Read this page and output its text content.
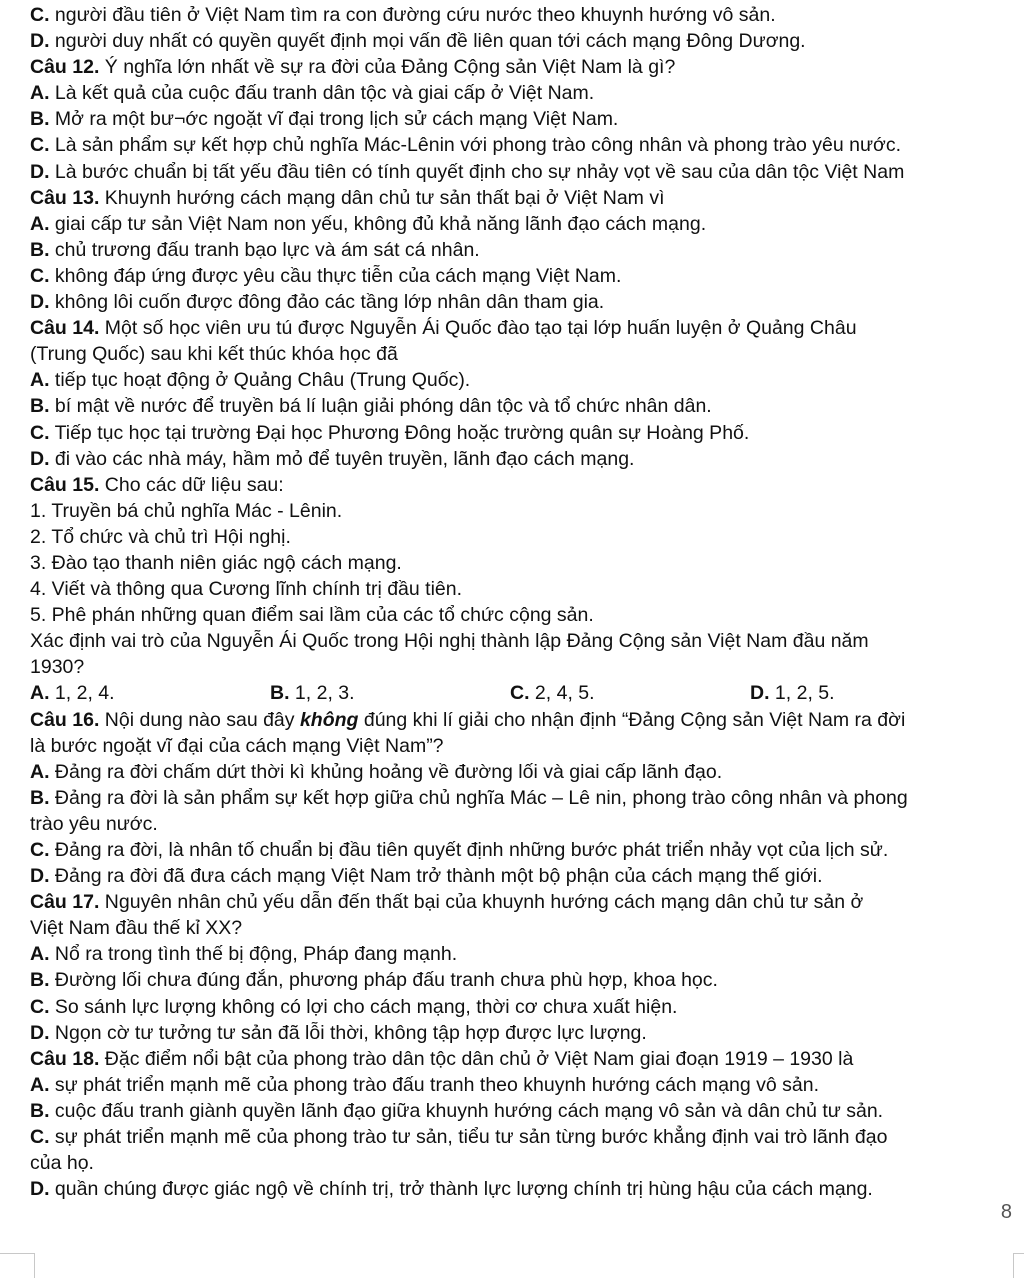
C. người đầu tiên ở Việt Nam tìm ra con đường cứu nước theo khuynh hướng vô sản.
D. người duy nhất có quyền quyết định mọi vấn đề liên quan tới cách mạng Đông Dương.
Câu 12. Ý nghĩa lớn nhất về sự ra đời của Đảng Cộng sản Việt Nam là gì?
A. Là kết quả của cuộc đấu tranh dân tộc và giai cấp ở Việt Nam.
B. Mở ra một bư¬ớc ngoặt vĩ đại trong lịch sử cách mạng Việt Nam.
C. Là sản phẩm sự kết hợp chủ nghĩa Mác-Lênin với phong trào công nhân và phong trào yêu nước.
D. Là bước chuẩn bị tất yếu đầu tiên có tính quyết định cho sự nhảy vọt về sau của dân tộc Việt Nam
Câu 13. Khuynh hướng cách mạng dân chủ tư sản thất bại ở Việt Nam vì
A. giai cấp tư sản Việt Nam non yếu, không đủ khả năng lãnh đạo cách mạng.
B. chủ trương đấu tranh bạo lực và ám sát cá nhân.
C. không đáp ứng được yêu cầu thực tiễn của cách mạng Việt Nam.
D. không lôi cuốn được đông đảo các tầng lớp nhân dân tham gia.
Câu 14. Một số học viên ưu tú được Nguyễn Ái Quốc đào tạo tại lớp huấn luyện ở Quảng Châu
(Trung Quốc) sau khi kết thúc khóa học đã
A. tiếp tục hoạt động ở Quảng Châu (Trung Quốc).
B. bí mật về nước để truyền bá lí luận giải phóng dân tộc và tổ chức nhân dân.
C. Tiếp tục học tại trường Đại học Phương Đông hoặc trường quân sự Hoàng Phố.
D. đi vào các nhà máy, hầm mỏ để tuyên truyền, lãnh đạo cách mạng.
Câu 15. Cho các dữ liệu sau:
1. Truyền bá chủ nghĩa Mác - Lênin.
2. Tổ chức và chủ trì Hội nghị.
3. Đào tạo thanh niên giác ngộ cách mạng.
4. Viết và thông qua Cương lĩnh chính trị đầu tiên.
5. Phê phán những quan điểm sai lầm của các tổ chức cộng sản.
Xác định vai trò của Nguyễn Ái Quốc trong Hội nghị thành lập Đảng Cộng sản Việt Nam đầu năm
1930?
A. 1, 2, 4.	B. 1, 2, 3.	C. 2, 4, 5.	D. 1, 2, 5.
Câu 16. Nội dung nào sau đây không đúng khi lí giải cho nhận định “Đảng Cộng sản Việt Nam ra đời
là bước ngoặt vĩ đại của cách mạng Việt Nam”?
A. Đảng ra đời chấm dứt thời kì khủng hoảng về đường lối và giai cấp lãnh đạo.
B. Đảng ra đời là sản phẩm sự kết hợp giữa chủ nghĩa Mác – Lê nin, phong trào công nhân và phong
trào yêu nước.
C. Đảng ra đời, là nhân tố chuẩn bị đầu tiên quyết định những bước phát triển nhảy vọt của lịch sử.
D. Đảng ra đời đã đưa cách mạng Việt Nam trở thành một bộ phận của cách mạng thế giới.
Câu 17. Nguyên nhân chủ yếu dẫn đến thất bại của khuynh hướng cách mạng dân chủ tư sản ở
Việt Nam đầu thế kỉ XX?
A. Nổ ra trong tình thế bị động, Pháp đang mạnh.
B. Đường lối chưa đúng đắn, phương pháp đấu tranh chưa phù hợp, khoa học.
C. So sánh lực lượng không có lợi cho cách mạng, thời cơ chưa xuất hiện.
D. Ngọn cờ tư tưởng tư sản đã lỗi thời, không tập hợp được lực lượng.
Câu 18. Đặc điểm nổi bật của phong trào dân tộc dân chủ ở Việt Nam giai đoạn 1919 – 1930 là
A. sự phát triển mạnh mẽ của phong trào đấu tranh theo khuynh hướng cách mạng vô sản.
B. cuộc đấu tranh giành quyền lãnh đạo giữa khuynh hướng cách mạng vô sản và dân chủ tư sản.
C. sự phát triển mạnh mẽ của phong trào tư sản, tiểu tư sản từng bước khẳng định vai trò lãnh đạo
của họ.
D. quần chúng được giác ngộ về chính trị, trở thành lực lượng chính trị hùng hậu của cách mạng.
8
